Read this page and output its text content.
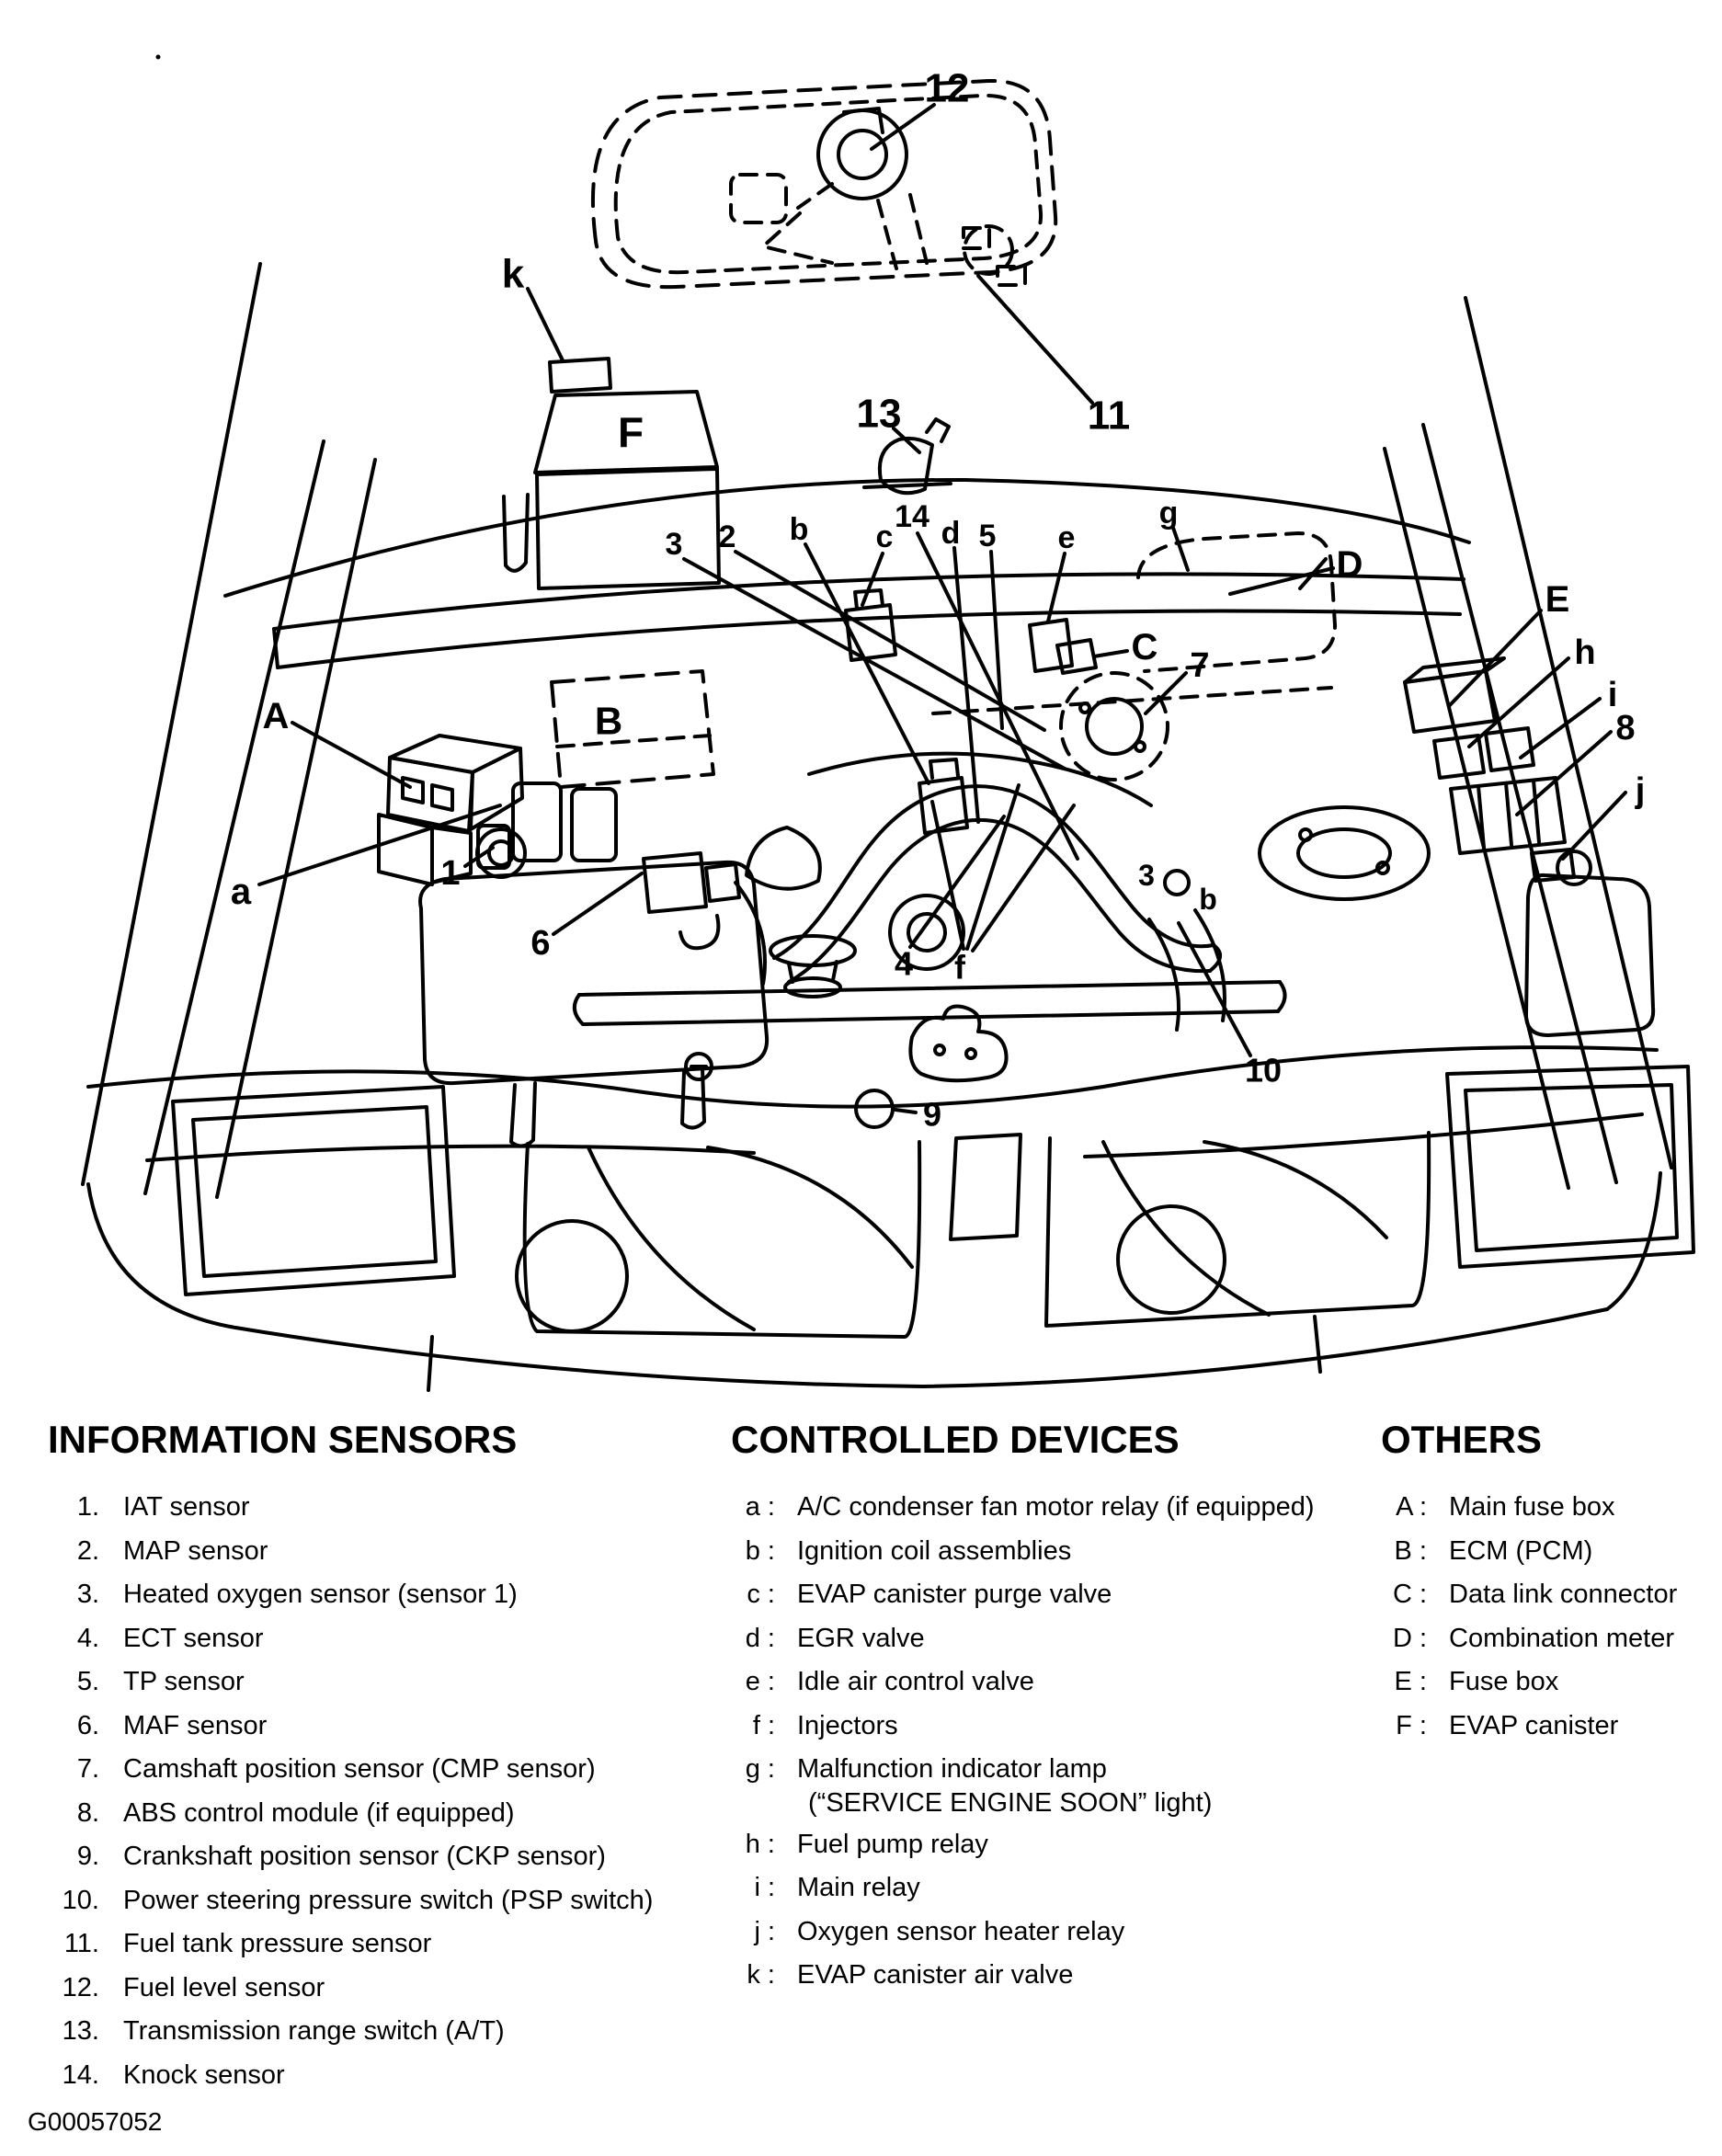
12
11
k
F	13
3 2 b c
14 d 5 e
g
D
C 7
E
h
i
8
j
A	B
a	1
6
4 f
9
10
3
b
INFORMATION SENSORS
1. IAT sensor
2. MAP sensor
3. Heated oxygen sensor (sensor 1)
4. ECT sensor
5. TP sensor
6. MAF sensor
7. Camshaft position sensor (CMP sensor)
8. ABS control module (if equipped)
9. Crankshaft position sensor (CKP sensor)
10. Power steering pressure switch (PSP switch)
11. Fuel tank pressure sensor
12. Fuel level sensor
13. Transmission range switch (A/T)
14. Knock sensor
CONTROLLED DEVICES
a : A/C condenser fan motor relay (if equipped)
b : Ignition coil assemblies
c : EVAP canister purge valve
d : EGR valve
e : Idle air control valve
f : Injectors
g : Malfunction indicator lamp
(“SERVICE ENGINE SOON” light)
h : Fuel pump relay
i : Main relay
j : Oxygen sensor heater relay
k : EVAP canister air valve
OTHERS
A : Main fuse box
B : ECM (PCM)
C : Data link connector
D : Combination meter
E : Fuse box
F : EVAP canister
G00057052
